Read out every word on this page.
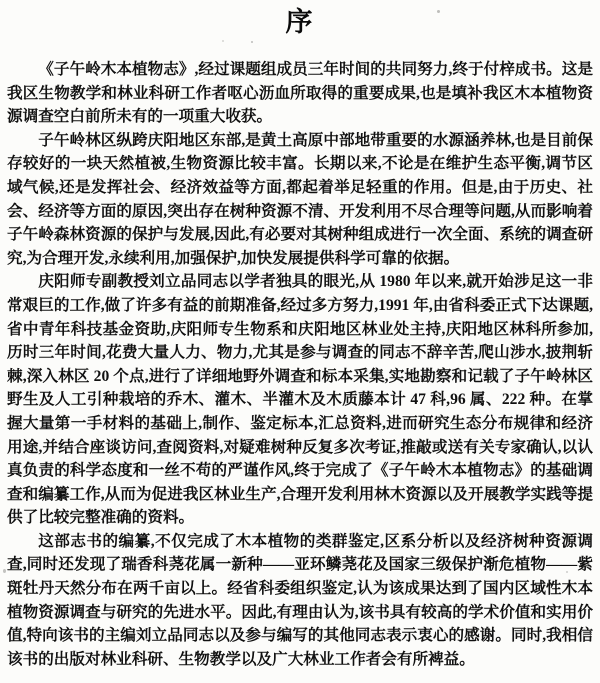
序

《子午岭木本植物志》,经过课题组成员三年时间的共同努力,终于付梓成书。这是我区生物教学和林业科研工作者呕心沥血所取得的重要成果,也是填补我区木本植物资源调查空白前所未有的一项重大收获。

子午岭林区纵跨庆阳地区东部,是黄土高原中部地带重要的水源涵养林,也是目前保存较好的一块天然植被,生物资源比较丰富。长期以来,不论是在维护生态平衡,调节区域气候,还是发挥社会、经济效益等方面,都起着举足轻重的作用。但是,由于历史、社会、经济等方面的原因,突出存在树种资源不清、开发利用不尽合理等问题,从而影响着子午岭森林资源的保护与发展,因此,有必要对其树种组成进行一次全面、系统的调查研究,为合理开发,永续利用,加强保护,加快发展提供科学可靠的依据。

庆阳师专副教授刘立品同志以学者独具的眼光,从 1980 年以来,就开始涉足这一非常艰巨的工作,做了许多有益的前期准备,经过多方努力,1991 年,由省科委正式下达课题,省中青年科技基金资助,庆阳师专生物系和庆阳地区林业处主持,庆阳地区林科所参加,历时三年时间,花费大量人力、物力,尤其是参与调查的同志不辞辛苦,爬山涉水,披荆斩棘,深入林区 20 个点,进行了详细地野外调查和标本采集,实地勘察和记载了子午岭林区野生及人工引种栽培的乔木、灌木、半灌木及木质藤本计 47 科,96 属、222 种。在掌握大量第一手材料的基础上,制作、鉴定标本,汇总资料,进而研究生态分布规律和经济用途,并结合座谈访问,查阅资料,对疑难树种反复多次考证,推敲或送有关专家确认,以认真负责的科学态度和一丝不苟的严谨作风,终于完成了《子午岭木本植物志》的基础调查和编纂工作,从而为促进我区林业生产,合理开发利用林木资源以及开展教学实践等提供了比较完整准确的资料。

这部志书的编纂,不仅完成了木本植物的类群鉴定,区系分析以及经济树种资源调查,同时还发现了瑞香科荛花属一新种——亚环鳞荛花及国家三级保护渐危植物——紫斑牡丹天然分布在两千亩以上。经省科委组织鉴定,认为该成果达到了国内区域性木本植物资源调查与研究的先进水平。因此,有理由认为,该书具有较高的学术价值和实用价值,特向该书的主编刘立品同志以及参与编写的其他同志表示衷心的感谢。同时,我相信该书的出版对林业科研、生物教学以及广大林业工作者会有所裨益。
